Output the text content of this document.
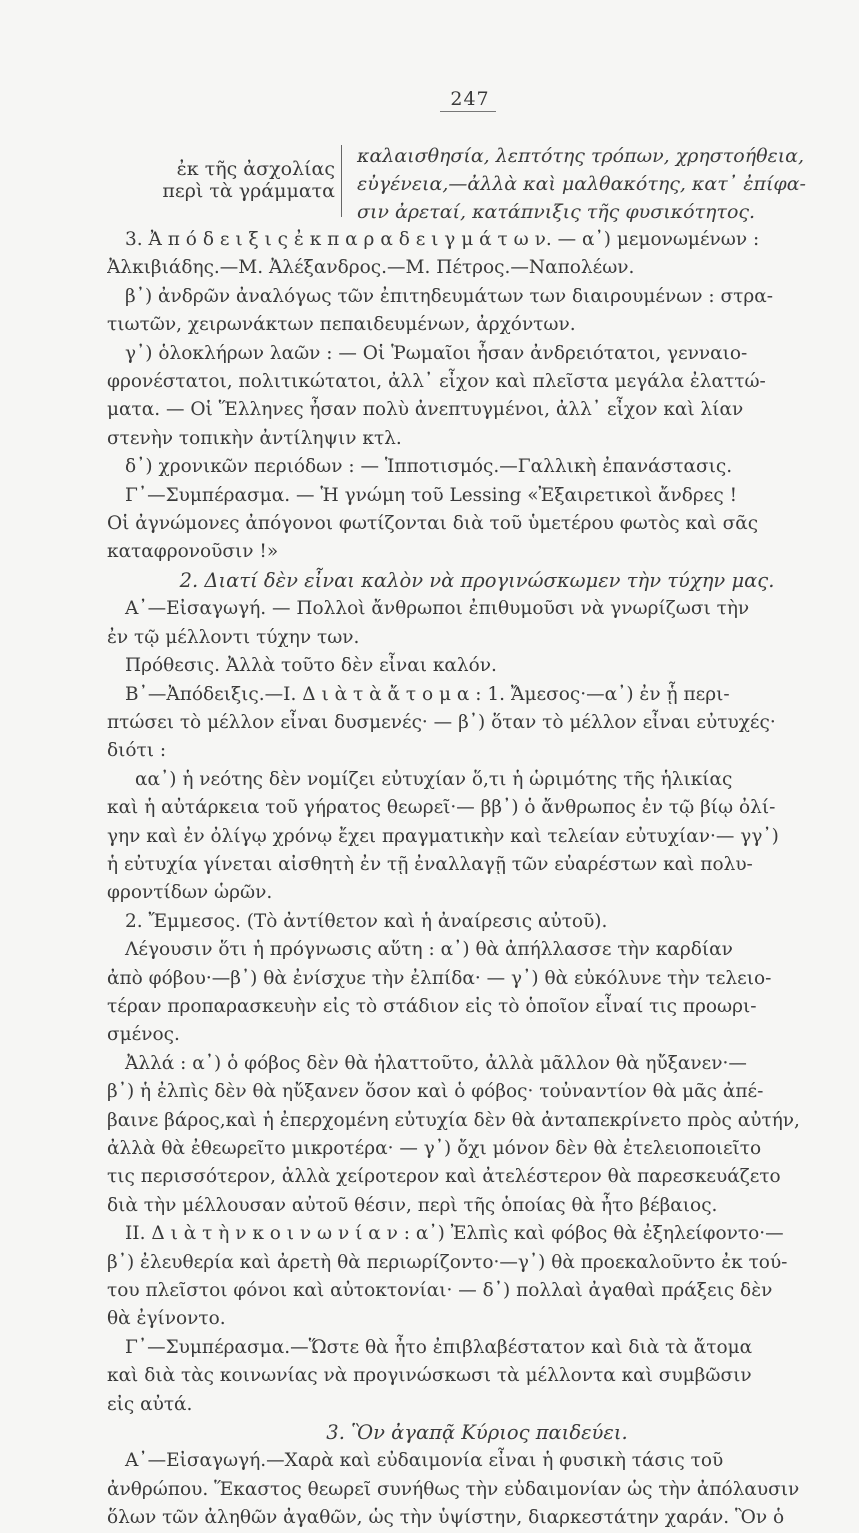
247
ἐκ τῆς ἀσχολίας
περὶ τὰ γράμματα
καλαισθησία, λεπτότης τρόπων, χρηστοήθεια,
εὐγένεια,—ἀλλὰ καὶ μαλθακότης, κατ᾿ ἐπίφα-
σιν ἀρεταί, κατάπνιξις τῆς φυσικότητος.
3. Ἀ π ό δ ε ι ξ ι ς ἐ κ π α ρ α δ ε ι γ μ ά τ ω ν. — α᾿) μεμονωμένων :
Ἀλκιβιάδης.—Μ. Ἀλέξανδρος.—Μ. Πέτρος.—Ναπολέων.
β᾿) ἀνδρῶν ἀναλόγως τῶν ἐπιτηδευμάτων των διαιρουμένων : στρα-
τιωτῶν, χειρωνάκτων πεπαιδευμένων, ἀρχόντων.
γ᾿) ὁλοκλήρων λαῶν : — Οἱ Ῥωμαῖοι ἦσαν ἀνδρειότατοι, γενναιο-
φρονέστατοι, πολιτικώτατοι, ἀλλ᾿ εἶχον καὶ πλεῖστα μεγάλα ἐλαττώ-
ματα. — Οἱ Ἕλληνες ἦσαν πολὺ ἀνεπτυγμένοι, ἀλλ᾿ εἶχον καὶ λίαν
στενὴν τοπικὴν ἀντίληψιν κτλ.
δ᾿) χρονικῶν περιόδων : — Ἱπποτισμός.—Γαλλικὴ ἐπανάστασις.
Γ᾿—Συμπέρασμα. — Ἡ γνώμη τοῦ Lessing «Ἐξαιρετικοὶ ἄνδρες !
Οἱ ἀγνώμονες ἀπόγονοι φωτίζονται διὰ τοῦ ὑμετέρου φωτὸς καὶ σᾶς
καταφρονοῦσιν !»
2. Διατί δὲν εἶναι καλὸν νὰ προγινώσκωμεν τὴν τύχην μας.
Α᾿—Εἰσαγωγή. — Πολλοὶ ἄνθρωποι ἐπιθυμοῦσι νὰ γνωρίζωσι τὴν
ἐν τῷ μέλλοντι τύχην των.
Πρόθεσις. Ἀλλὰ τοῦτο δὲν εἶναι καλόν.
Β᾿—Ἀπόδειξις.—Ι. Δ ι ὰ τ ὰ ἄ τ ο μ α : 1. Ἄμεσος·—α᾿) ἐν ᾗ περι-
πτώσει τὸ μέλλον εἶναι δυσμενές· — β᾿) ὅταν τὸ μέλλον εἶναι εὐτυχές·
διότι :
αα᾿) ἡ νεότης δὲν νομίζει εὐτυχίαν ὅ,τι ἡ ὡριμότης τῆς ἡλικίας
καὶ ἡ αὐτάρκεια τοῦ γήρατος θεωρεῖ·— ββ᾿) ὁ ἄνθρωπος ἐν τῷ βίῳ ὀλί-
γην καὶ ἐν ὀλίγῳ χρόνῳ ἔχει πραγματικὴν καὶ τελείαν εὐτυχίαν·— γγ᾿)
ἡ εὐτυχία γίνεται αἰσθητὴ ἐν τῇ ἐναλλαγῇ τῶν εὐαρέστων καὶ πολυ-
φροντίδων ὡρῶν.
2. Ἔμμεσος. (Τὸ ἀντίθετον καὶ ἡ ἀναίρεσις αὐτοῦ).
Λέγουσιν ὅτι ἡ πρόγνωσις αὕτη : α᾿) θὰ ἀπήλλασσε τὴν καρδίαν
ἀπὸ φόβου·—β᾿) θὰ ἐνίσχυε τὴν ἐλπίδα· — γ᾿) θὰ εὐκόλυνε τὴν τελειο-
τέραν προπαρασκευὴν εἰς τὸ στάδιον εἰς τὸ ὁποῖον εἶναί τις προωρι-
σμένος.
Ἀλλά : α᾿) ὁ φόβος δὲν θὰ ἠλαττοῦτο, ἀλλὰ μᾶλλον θὰ ηὔξανεν·—
β᾿) ἡ ἐλπὶς δὲν θὰ ηὔξανεν ὅσον καὶ ὁ φόβος· τοὐναντίον θὰ μᾶς ἀπέ-
βαινε βάρος,καὶ ἡ ἐπερχομένη εὐτυχία δὲν θὰ ἀνταπεκρίνετο πρὸς αὐτήν,
ἀλλὰ θὰ ἐθεωρεῖτο μικροτέρα· — γ᾿) ὄχι μόνον δὲν θὰ ἐτελειοποιεῖτο
τις περισσότερον, ἀλλὰ χείροτερον καὶ ἀτελέστερον θὰ παρεσκευάζετο
διὰ τὴν μέλλουσαν αὐτοῦ θέσιν, περὶ τῆς ὁποίας θὰ ἦτο βέβαιος.
ΙΙ. Δ ι ὰ τ ὴ ν κ ο ι ν ω ν ί α ν : α᾿) Ἐλπὶς καὶ φόβος θὰ ἐξηλείφοντο·—
β᾿) ἐλευθερία καὶ ἀρετὴ θὰ περιωρίζοντο·—γ᾿) θὰ προεκαλοῦντο ἐκ τού-
του πλεῖστοι φόνοι καὶ αὐτοκτονίαι· — δ᾿) πολλαὶ ἀγαθαὶ πράξεις δὲν
θὰ ἐγίνοντο.
Γ᾿—Συμπέρασμα.—Ὥστε θὰ ἦτο ἐπιβλαβέστατον καὶ διὰ τὰ ἄτομα
καὶ διὰ τὰς κοινωνίας νὰ προγινώσκωσι τὰ μέλλοντα καὶ συμβῶσιν
εἰς αὐτά.
3. Ὃν ἀγαπᾷ Κύριος παιδεύει.
Α᾿—Εἰσαγωγή.—Χαρὰ καὶ εὐδαιμονία εἶναι ἡ φυσικὴ τάσις τοῦ
ἀνθρώπου. Ἕκαστος θεωρεῖ συνήθως τὴν εὐδαιμονίαν ὡς τὴν ἀπόλαυσιν
ὅλων τῶν ἀληθῶν ἀγαθῶν, ὡς τὴν ὑψίστην, διαρκεστάτην χαράν. Ὃν ὁ
